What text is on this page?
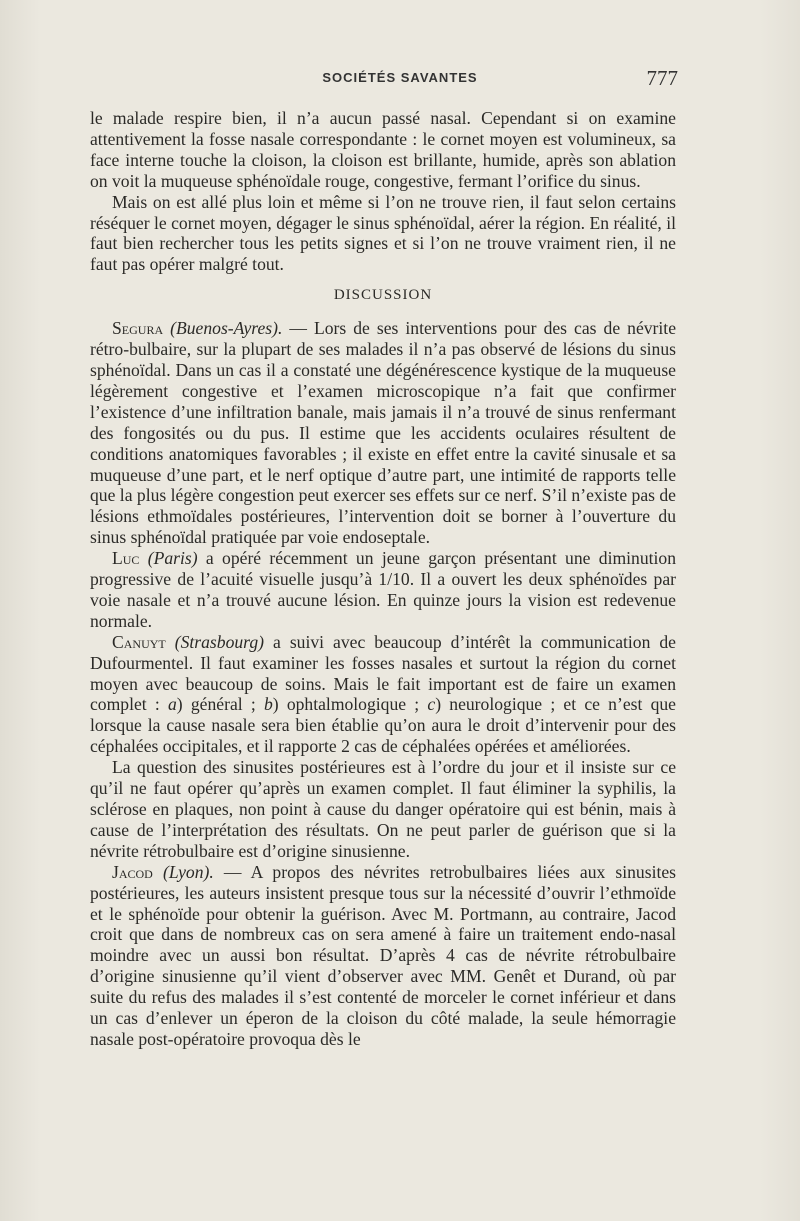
SOCIÉTÉS SAVANTES	777

le malade respire bien, il n’a aucun passé nasal. Cependant si on examine attentivement la fosse nasale correspondante : le cornet moyen est volumineux, sa face interne touche la cloison, la cloison est brillante, humide, après son ablation on voit la muqueuse sphénoïdale rouge, congestive, fermant l’orifice du sinus.

Mais on est allé plus loin et même si l’on ne trouve rien, il faut selon certains réséquer le cornet moyen, dégager le sinus sphénoïdal, aérer la région. En réalité, il faut bien rechercher tous les petits signes et si l’on ne trouve vraiment rien, il ne faut pas opérer malgré tout.

DISCUSSION

Segura (Buenos-Ayres). — Lors de ses interventions pour des cas de névrite rétro-bulbaire, sur la plupart de ses malades il n’a pas observé de lésions du sinus sphénoïdal. Dans un cas il a constaté une dégénérescence kystique de la muqueuse légèrement congestive et l’examen microscopique n’a fait que confirmer l’existence d’une infiltration banale, mais jamais il n’a trouvé de sinus renfermant des fongosités ou du pus. Il estime que les accidents oculaires résultent de conditions anatomiques favorables ; il existe en effet entre la cavité sinusale et sa muqueuse d’une part, et le nerf optique d’autre part, une intimité de rapports telle que la plus légère congestion peut exercer ses effets sur ce nerf. S’il n’existe pas de lésions ethmoïdales postérieures, l’intervention doit se borner à l’ouverture du sinus sphénoïdal pratiquée par voie endoseptale.

Luc (Paris) a opéré récemment un jeune garçon présentant une diminution progressive de l’acuité visuelle jusqu’à 1/10. Il a ouvert les deux sphénoïdes par voie nasale et n’a trouvé aucune lésion. En quinze jours la vision est redevenue normale.

Canuyt (Strasbourg) a suivi avec beaucoup d’intérêt la communication de Dufourmentel. Il faut examiner les fosses nasales et surtout la région du cornet moyen avec beaucoup de soins. Mais le fait important est de faire un examen complet : a) général ; b) ophtalmologique ; c) neurologique ; et ce n’est que lorsque la cause nasale sera bien établie qu’on aura le droit d’intervenir pour des céphalées occipitales, et il rapporte 2 cas de céphalées opérées et améliorées.

La question des sinusites postérieures est à l’ordre du jour et il insiste sur ce qu’il ne faut opérer qu’après un examen complet. Il faut éliminer la syphilis, la sclérose en plaques, non point à cause du danger opératoire qui est bénin, mais à cause de l’interprétation des résultats. On ne peut parler de guérison que si la névrite rétrobulbaire est d’origine sinusienne.

Jacod (Lyon). — A propos des névrites retrobulbaires liées aux sinusites postérieures, les auteurs insistent presque tous sur la nécessité d’ouvrir l’ethmoïde et le sphénoïde pour obtenir la guérison. Avec M. Portmann, au contraire, Jacod croit que dans de nombreux cas on sera amené à faire un traitement endo-nasal moindre avec un aussi bon résultat. D’après 4 cas de névrite rétrobulbaire d’origine sinusienne qu’il vient d’observer avec MM. Genêt et Durand, où par suite du refus des malades il s’est contenté de morceler le cornet inférieur et dans un cas d’enlever un éperon de la cloison du côté malade, la seule hémorragie nasale post-opératoire provoqua dès le
